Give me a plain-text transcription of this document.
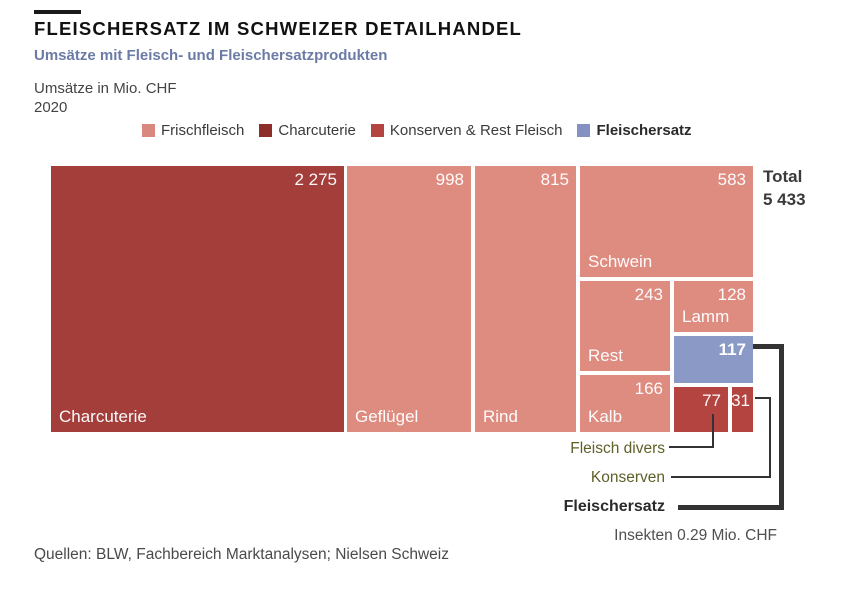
FLEISCHERSATZ IM SCHWEIZER DETAILHANDEL
Umsätze mit Fleisch- und Fleischersatzprodukten
Umsätze in Mio. CHF
2020
Frischfleisch Charcuterie Konserven & Rest Fleisch Fleischersatz
2 275
Charcuterie
998
Geflügel
815
Rind
583
Schwein
243
Rest
128
Lamm
117
166
Kalb
77 31
Total
5 433
Fleisch divers
Konserven
Fleischersatz
Insekten 0.29 Mio. CHF
Quellen: BLW, Fachbereich Marktanalysen; Nielsen Schweiz
